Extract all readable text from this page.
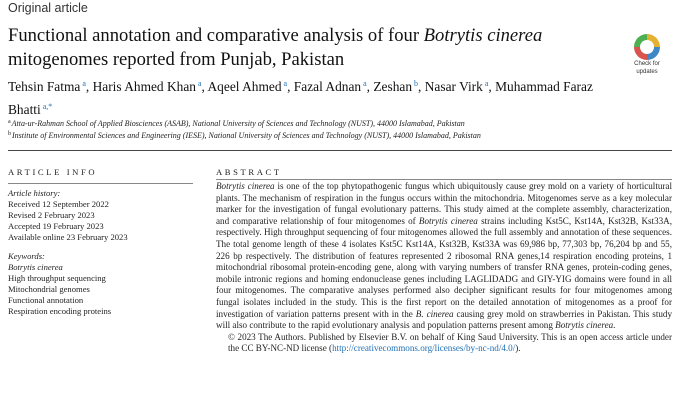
Original article
Functional annotation and comparative analysis of four Botrytis cinerea mitogenomes reported from Punjab, Pakistan	Check for
updates
Tehsin Fatma $^a$, Haris Ahmed Khan $^a$, Aqeel Ahmed $^a$, Fazal Adnan $^a$, Zeshan $^b$, Nasar Virk $^a$, Muhammad Faraz Bhatti $^{a,*}$
$^a$Atta-ur-Rahman School of Applied Biosciences (ASAB), National University of Sciences and Technology (NUST), 44000 Islamabad, Pakistan
$^b$Institute of Environmental Sciences and Engineering (IESE), National University of Sciences and Technology (NUST), 44000 Islamabad, Pakistan
ARTICLE INFO	ABSTRACT
Article history:
Received 12 September 2022
Revised 2 February 2023
Accepted 19 February 2023
Available online 23 February 2023
Keywords:
Botrytis cinerea
High throughput sequencing
Mitochondrial genomes
Functional annotation
Respiration encoding proteins
Botrytis cinerea is one of the top phytopathogenic fungus which ubiquitously cause grey mold on a variety of horticultural plants. The mechanism of respiration in the fungus occurs within the mitochondria. Mitogenomes serve as a key molecular marker for the investigation of fungal evolutionary patterns. This study aimed at the complete assembly, characterization, and comparative relationship of four mitogenomes of Botrytis cinerea strains including Kst5C, Kst14A, Kst32B, Kst33A, respectively. High throughput sequencing of four mitogenomes allowed the full assembly and annotation of these sequences. The total genome length of these 4 isolates Kst5C Kst14A, Kst32B, Kst33A was 69,986 bp, 77,303 bp, 76,204 bp and 55, 226 bp respectively. The distribution of features represented 2 ribosomal RNA genes,14 respiration encoding proteins, 1 mitochondrial ribosomal protein-encoding gene, along with varying numbers of transfer RNA genes, protein-coding genes, mobile intronic regions and homing endonuclease genes including LAGLIDADG and GIY-YIG domains were found in all four mitogenomes. The comparative analyses performed also decipher significant results for four mitogenomes among fungal isolates included in the study. This is the first report on the detailed annotation of mitogenomes as a proof for investigation of variation patterns present with in the B. cinerea causing grey mold on strawberries in Pakistan. This study will also contribute to the rapid evolutionary analysis and population patterns present among Botrytis cinerea.
© 2023 The Authors. Published by Elsevier B.V. on behalf of King Saud University. This is an open access article under the CC BY-NC-ND license (http://creativecommons.org/licenses/by-nc-nd/4.0/).
